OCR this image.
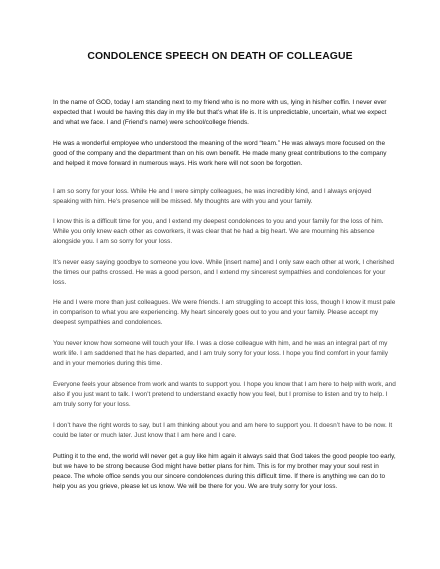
CONDOLENCE SPEECH ON DEATH OF COLLEAGUE

In the name of GOD, today I am standing next to my friend who is no more with us, lying in his/her coffin. I never ever expected that I would be having this day in my life but that’s what life is. It is unpredictable, uncertain, what we expect and what we face. I and (Friend’s name) were school/college friends.

He was a wonderful employee who understood the meaning of the word “team.” He was always more focused on the good of the company and the department than on his own benefit. He made many great contributions to the company and helped it move forward in numerous ways. His work here will not soon be forgotten.

I am so sorry for your loss. While He and I were simply colleagues, he was incredibly kind, and I always enjoyed speaking with him. He’s presence will be missed. My thoughts are with you and your family.

I know this is a difficult time for you, and I extend my deepest condolences to you and your family for the loss of him. While you only knew each other as coworkers, it was clear that he had a big heart. We are mourning his absence alongside you. I am so sorry for your loss.

It’s never easy saying goodbye to someone you love. While [insert name] and I only saw each other at work, I cherished the times our paths crossed. He was a good person, and I extend my sincerest sympathies and condolences for your loss.

He and I were more than just colleagues. We were friends. I am struggling to accept this loss, though I know it must pale in comparison to what you are experiencing. My heart sincerely goes out to you and your family. Please accept my deepest sympathies and condolences.

You never know how someone will touch your life. I was a close colleague with him, and he was an integral part of my work life. I am saddened that he has departed, and I am truly sorry for your loss. I hope you find comfort in your family and in your memories during this time.

Everyone feels your absence from work and wants to support you. I hope you know that I am here to help with work, and also if you just want to talk. I won’t pretend to understand exactly how you feel, but I promise to listen and try to help. I am truly sorry for your loss.

I don’t have the right words to say, but I am thinking about you and am here to support you. It doesn’t have to be now. It could be later or much later. Just know that I am here and I care.

Putting it to the end, the world will never get a guy like him again it always said that God takes the good people too early, but we have to be strong because God might have better plans for him. This is for my brother may your soul rest in peace. The whole office sends you our sincere condolences during this difficult time. If there is anything we can do to help you as you grieve, please let us know. We will be there for you. We are truly sorry for your loss.
